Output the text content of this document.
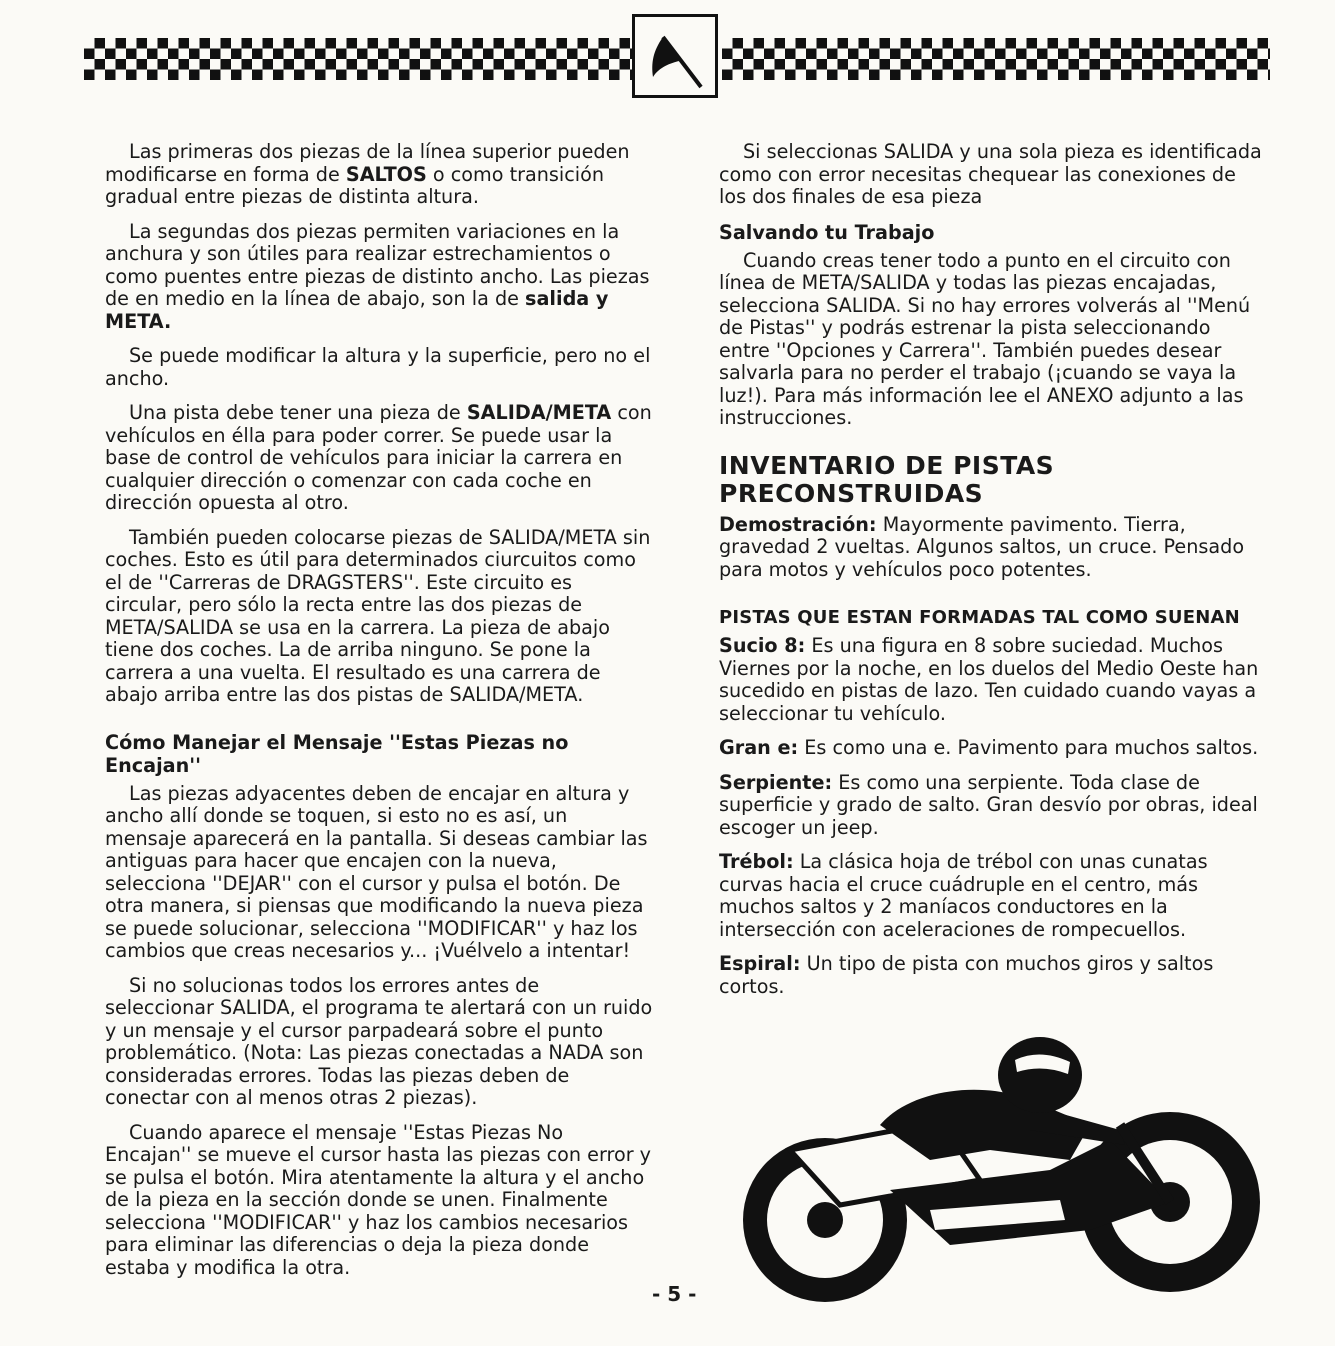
Las primeras dos piezas de la línea superior pueden modificarse en forma de SALTOS o como transición gradual entre piezas de distinta altura.

La segundas dos piezas permiten variaciones en la anchura y son útiles para realizar estrechamientos o como puentes entre piezas de distinto ancho. Las piezas de en medio en la línea de abajo, son la de salida y META.

Se puede modificar la altura y la superficie, pero no el ancho.

Una pista debe tener una pieza de SALIDA/META con vehículos en élla para poder correr. Se puede usar la base de control de vehículos para iniciar la carrera en cualquier dirección o comenzar con cada coche en dirección opuesta al otro.

También pueden colocarse piezas de SALIDA/META sin coches. Esto es útil para determinados ciurcuitos como el de ''Carreras de DRAGSTERS''. Este circuito es circular, pero sólo la recta entre las dos piezas de META/SALIDA se usa en la carrera. La pieza de abajo tiene dos coches. La de arriba ninguno. Se pone la carrera a una vuelta. El resultado es una carrera de abajo arriba entre las dos pistas de SALIDA/META.

Cómo Manejar el Mensaje ''Estas Piezas no Encajan''

Las piezas adyacentes deben de encajar en altura y ancho allí donde se toquen, si esto no es así, un mensaje aparecerá en la pantalla. Si deseas cambiar las antiguas para hacer que encajen con la nueva, selecciona ''DEJAR'' con el cursor y pulsa el botón. De otra manera, si piensas que modificando la nueva pieza se puede solucionar, selecciona ''MODIFICAR'' y haz los cambios que creas necesarios y... ¡Vuélvelo a intentar!

Si no solucionas todos los errores antes de seleccionar SALIDA, el programa te alertará con un ruido y un mensaje y el cursor parpadeará sobre el punto problemático. (Nota: Las piezas conectadas a NADA son consideradas errores. Todas las piezas deben de conectar con al menos otras 2 piezas).

Cuando aparece el mensaje ''Estas Piezas No Encajan'' se mueve el cursor hasta las piezas con error y se pulsa el botón. Mira atentamente la altura y el ancho de la pieza en la sección donde se unen. Finalmente selecciona ''MODIFICAR'' y haz los cambios necesarios para eliminar las diferencias o deja la pieza donde estaba y modifica la otra.

Si seleccionas SALIDA y una sola pieza es identificada como con error necesitas chequear las conexiones de los dos finales de esa pieza

Salvando tu Trabajo

Cuando creas tener todo a punto en el circuito con línea de META/SALIDA y todas las piezas encajadas, selecciona SALIDA. Si no hay errores volverás al ''Menú de Pistas'' y podrás estrenar la pista seleccionando entre ''Opciones y Carrera''. También puedes desear salvarla para no perder el trabajo (¡cuando se vaya la luz!). Para más información lee el ANEXO adjunto a las instrucciones.

INVENTARIO DE PISTAS
PRECONSTRUIDAS

Demostración: Mayormente pavimento. Tierra, gravedad 2 vueltas. Algunos saltos, un cruce. Pensado para motos y vehículos poco potentes.

PISTAS QUE ESTAN FORMADAS TAL COMO SUENAN

Sucio 8: Es una figura en 8 sobre suciedad. Muchos Viernes por la noche, en los duelos del Medio Oeste han sucedido en pistas de lazo. Ten cuidado cuando vayas a seleccionar tu vehículo.

Gran e: Es como una e. Pavimento para muchos saltos.

Serpiente: Es como una serpiente. Toda clase de superficie y grado de salto. Gran desvío por obras, ideal escoger un jeep.

Trébol: La clásica hoja de trébol con unas cunatas curvas hacia el cruce cuádruple en el centro, más muchos saltos y 2 maníacos conductores en la intersección con aceleraciones de rompecuellos.

Espiral: Un tipo de pista con muchos giros y saltos cortos.

- 5 -
